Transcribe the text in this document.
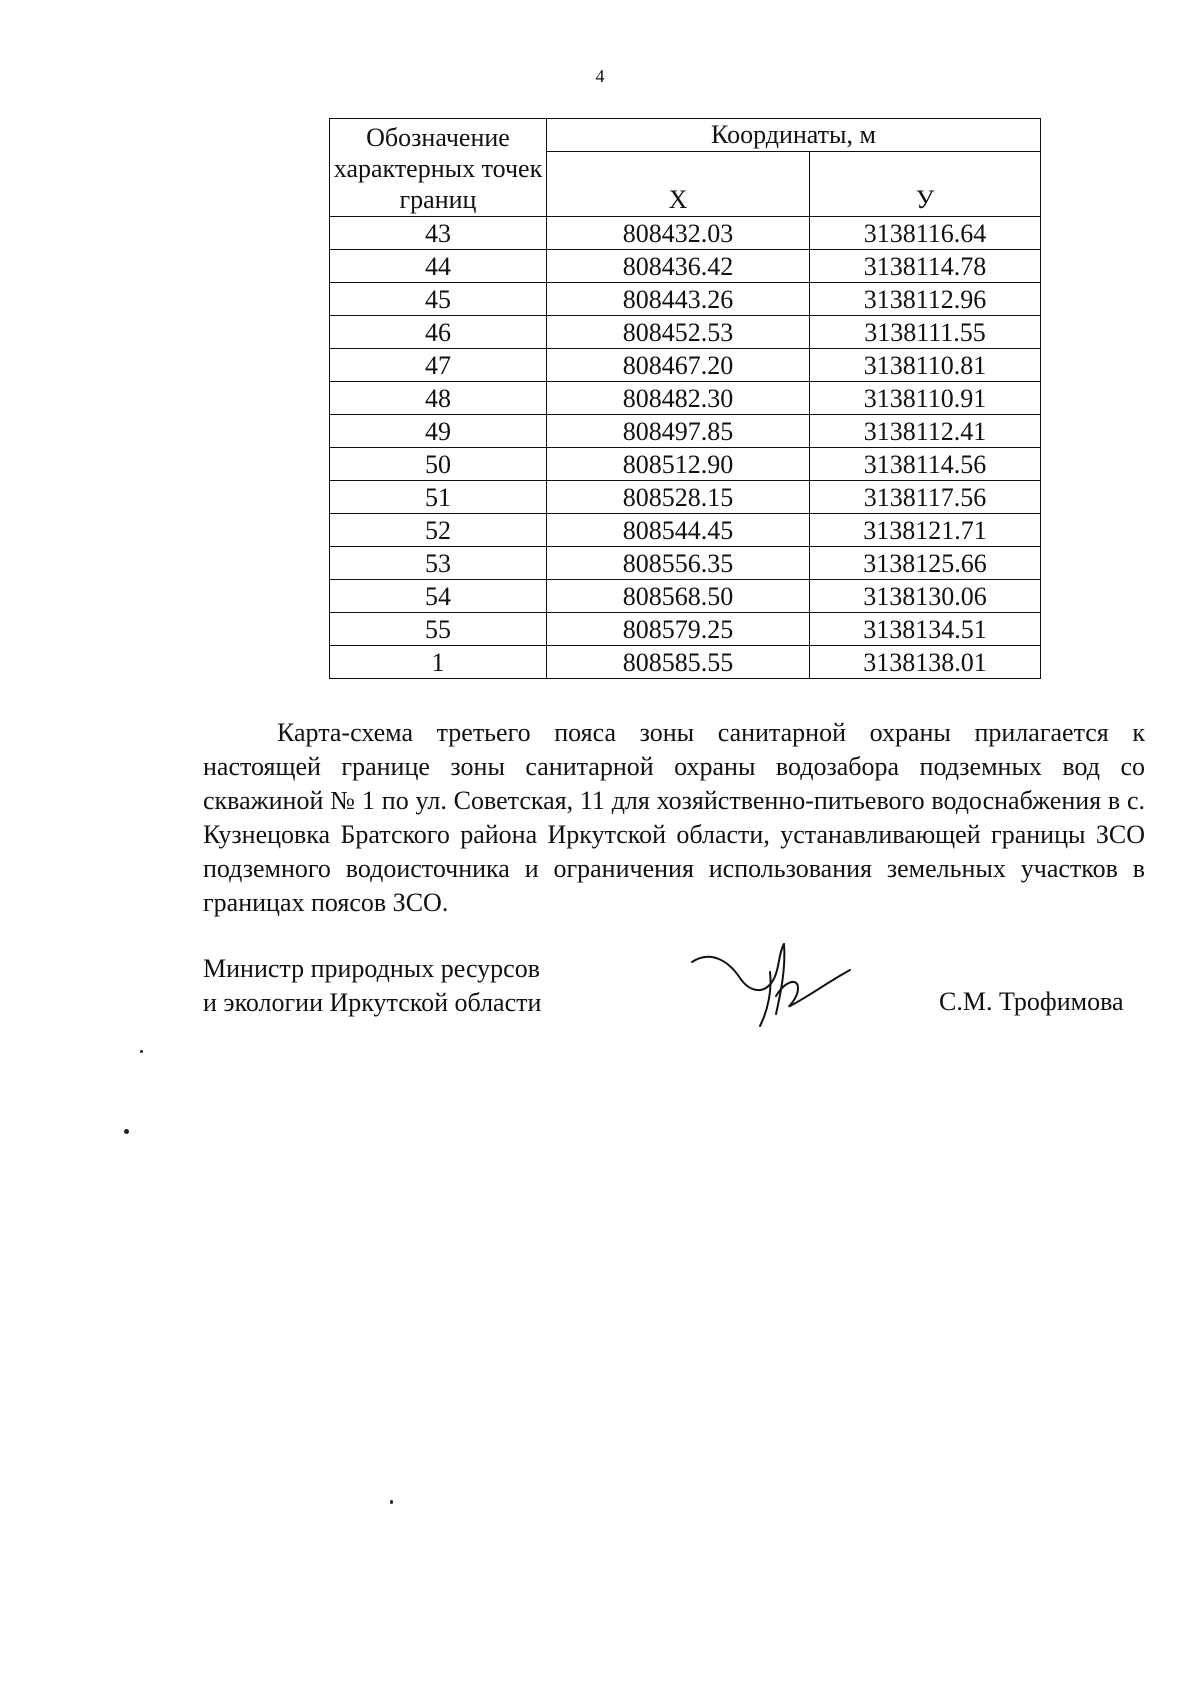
4
Обозначение характерных точек границ	Координаты, м	
	Х	У
43	808432.03	3138116.64
44	808436.42	3138114.78
45	808443.26	3138112.96
46	808452.53	3138111.55
47	808467.20	3138110.81
48	808482.30	3138110.91
49	808497.85	3138112.41
50	808512.90	3138114.56
51	808528.15	3138117.56
52	808544.45	3138121.71
53	808556.35	3138125.66
54	808568.50	3138130.06
55	808579.25	3138134.51
1	808585.55	3138138.01
Карта-схема третьего пояса зоны санитарной охраны прилагается к настоящей границе зоны санитарной охраны водозабора подземных вод со скважиной № 1 по ул. Советская, 11 для хозяйственно-питьевого водоснабжения в с. Кузнецовка Братского района Иркутской области, устанавливающей границы ЗСО подземного водоисточника и ограничения использования земельных участков в границах поясов ЗСО.
Министр природных ресурсов
и экологии Иркутской области	С.М. Трофимова
